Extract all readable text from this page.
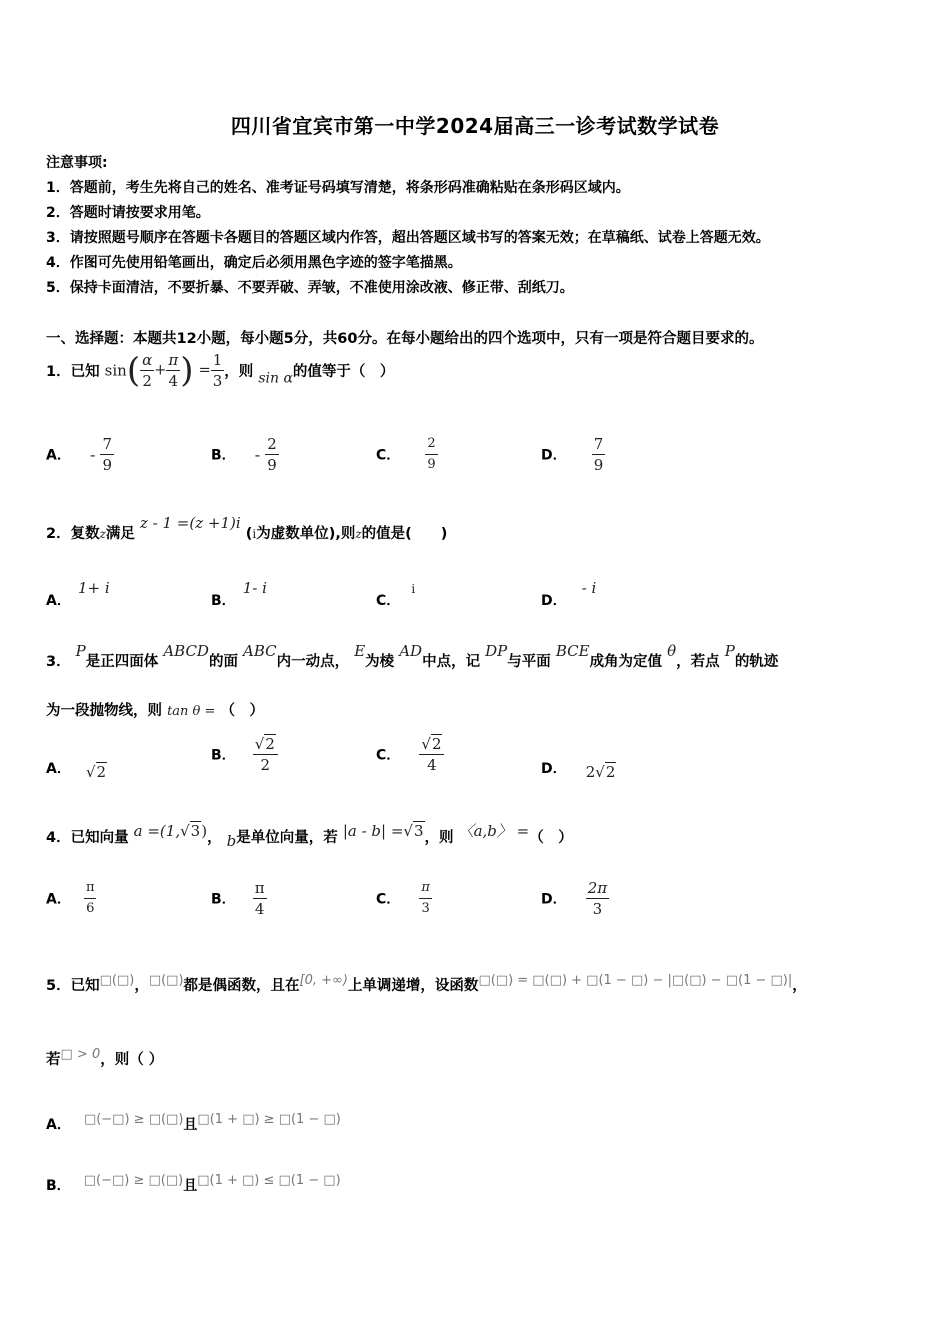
四川省宜宾市第一中学2024届高三一诊考试数学试卷
注意事项:
1．答题前，考生先将自己的姓名、准考证号码填写清楚，将条形码准确粘贴在条形码区域内。
2．答题时请按要求用笔。
3．请按照题号顺序在答题卡各题目的答题区域内作答，超出答题区域书写的答案无效；在草稿纸、试卷上答题无效。
4．作图可先使用铅笔画出，确定后必须用黑色字迹的签字笔描黑。
5．保持卡面清洁，不要折暴、不要弄破、弄皱，不准使用涂改液、修正带、刮纸刀。
一、选择题：本题共12小题，每小题5分，共60分。在每小题给出的四个选项中，只有一项是符合题目要求的。
1．已知 $\sin( \frac{\alpha}{2} + \frac{\pi}{4}$ ) = $\frac{1}{3}$ ，则 sin α的值等于（　）
A． - $\frac{7}{9}$	B． - $\frac{2}{9}$	C． $\frac{2}{9}$	D． $\frac{7}{9}$
2．复数z满足 z - 1 =(z +1)i (i为虚数单位),则z的值是(　　)
A． 1+ i
B． 1- i
C． i
D． - i
3． P是正四面体 ABCD的面 ABC内一动点， E为棱 AD中点，记 DP与平面 BCE成角为定值 θ，若点 P的轨迹
为一段抛物线，则 tan θ = （　）
A． √2
B． $\frac{√2}{2}$	C． $\frac{√2}{4}$	D． 2√2
4．已知向量 a =(1,√3)， b是单位向量，若 |a - b| =√3，则 〈a,b〉 =（　）
A． $\frac{\pi}{6}$	B． $\frac{\pi}{4}$	C． $\frac{\pi}{3}$	D． $\frac{2\pi}{3}$
5．已知□(□)，□(□)都是偶函数，且在[0, +∞)上单调递增，设函数□(□) = □(□) + □(1 − □) − |□(□) − □(1 − □)|，
若□ > 0，则（ ）
A． □(−□) ≥ □(□)且□(1 + □) ≥ □(1 − □)
B． □(−□) ≥ □(□)且□(1 + □) ≤ □(1 − □)
